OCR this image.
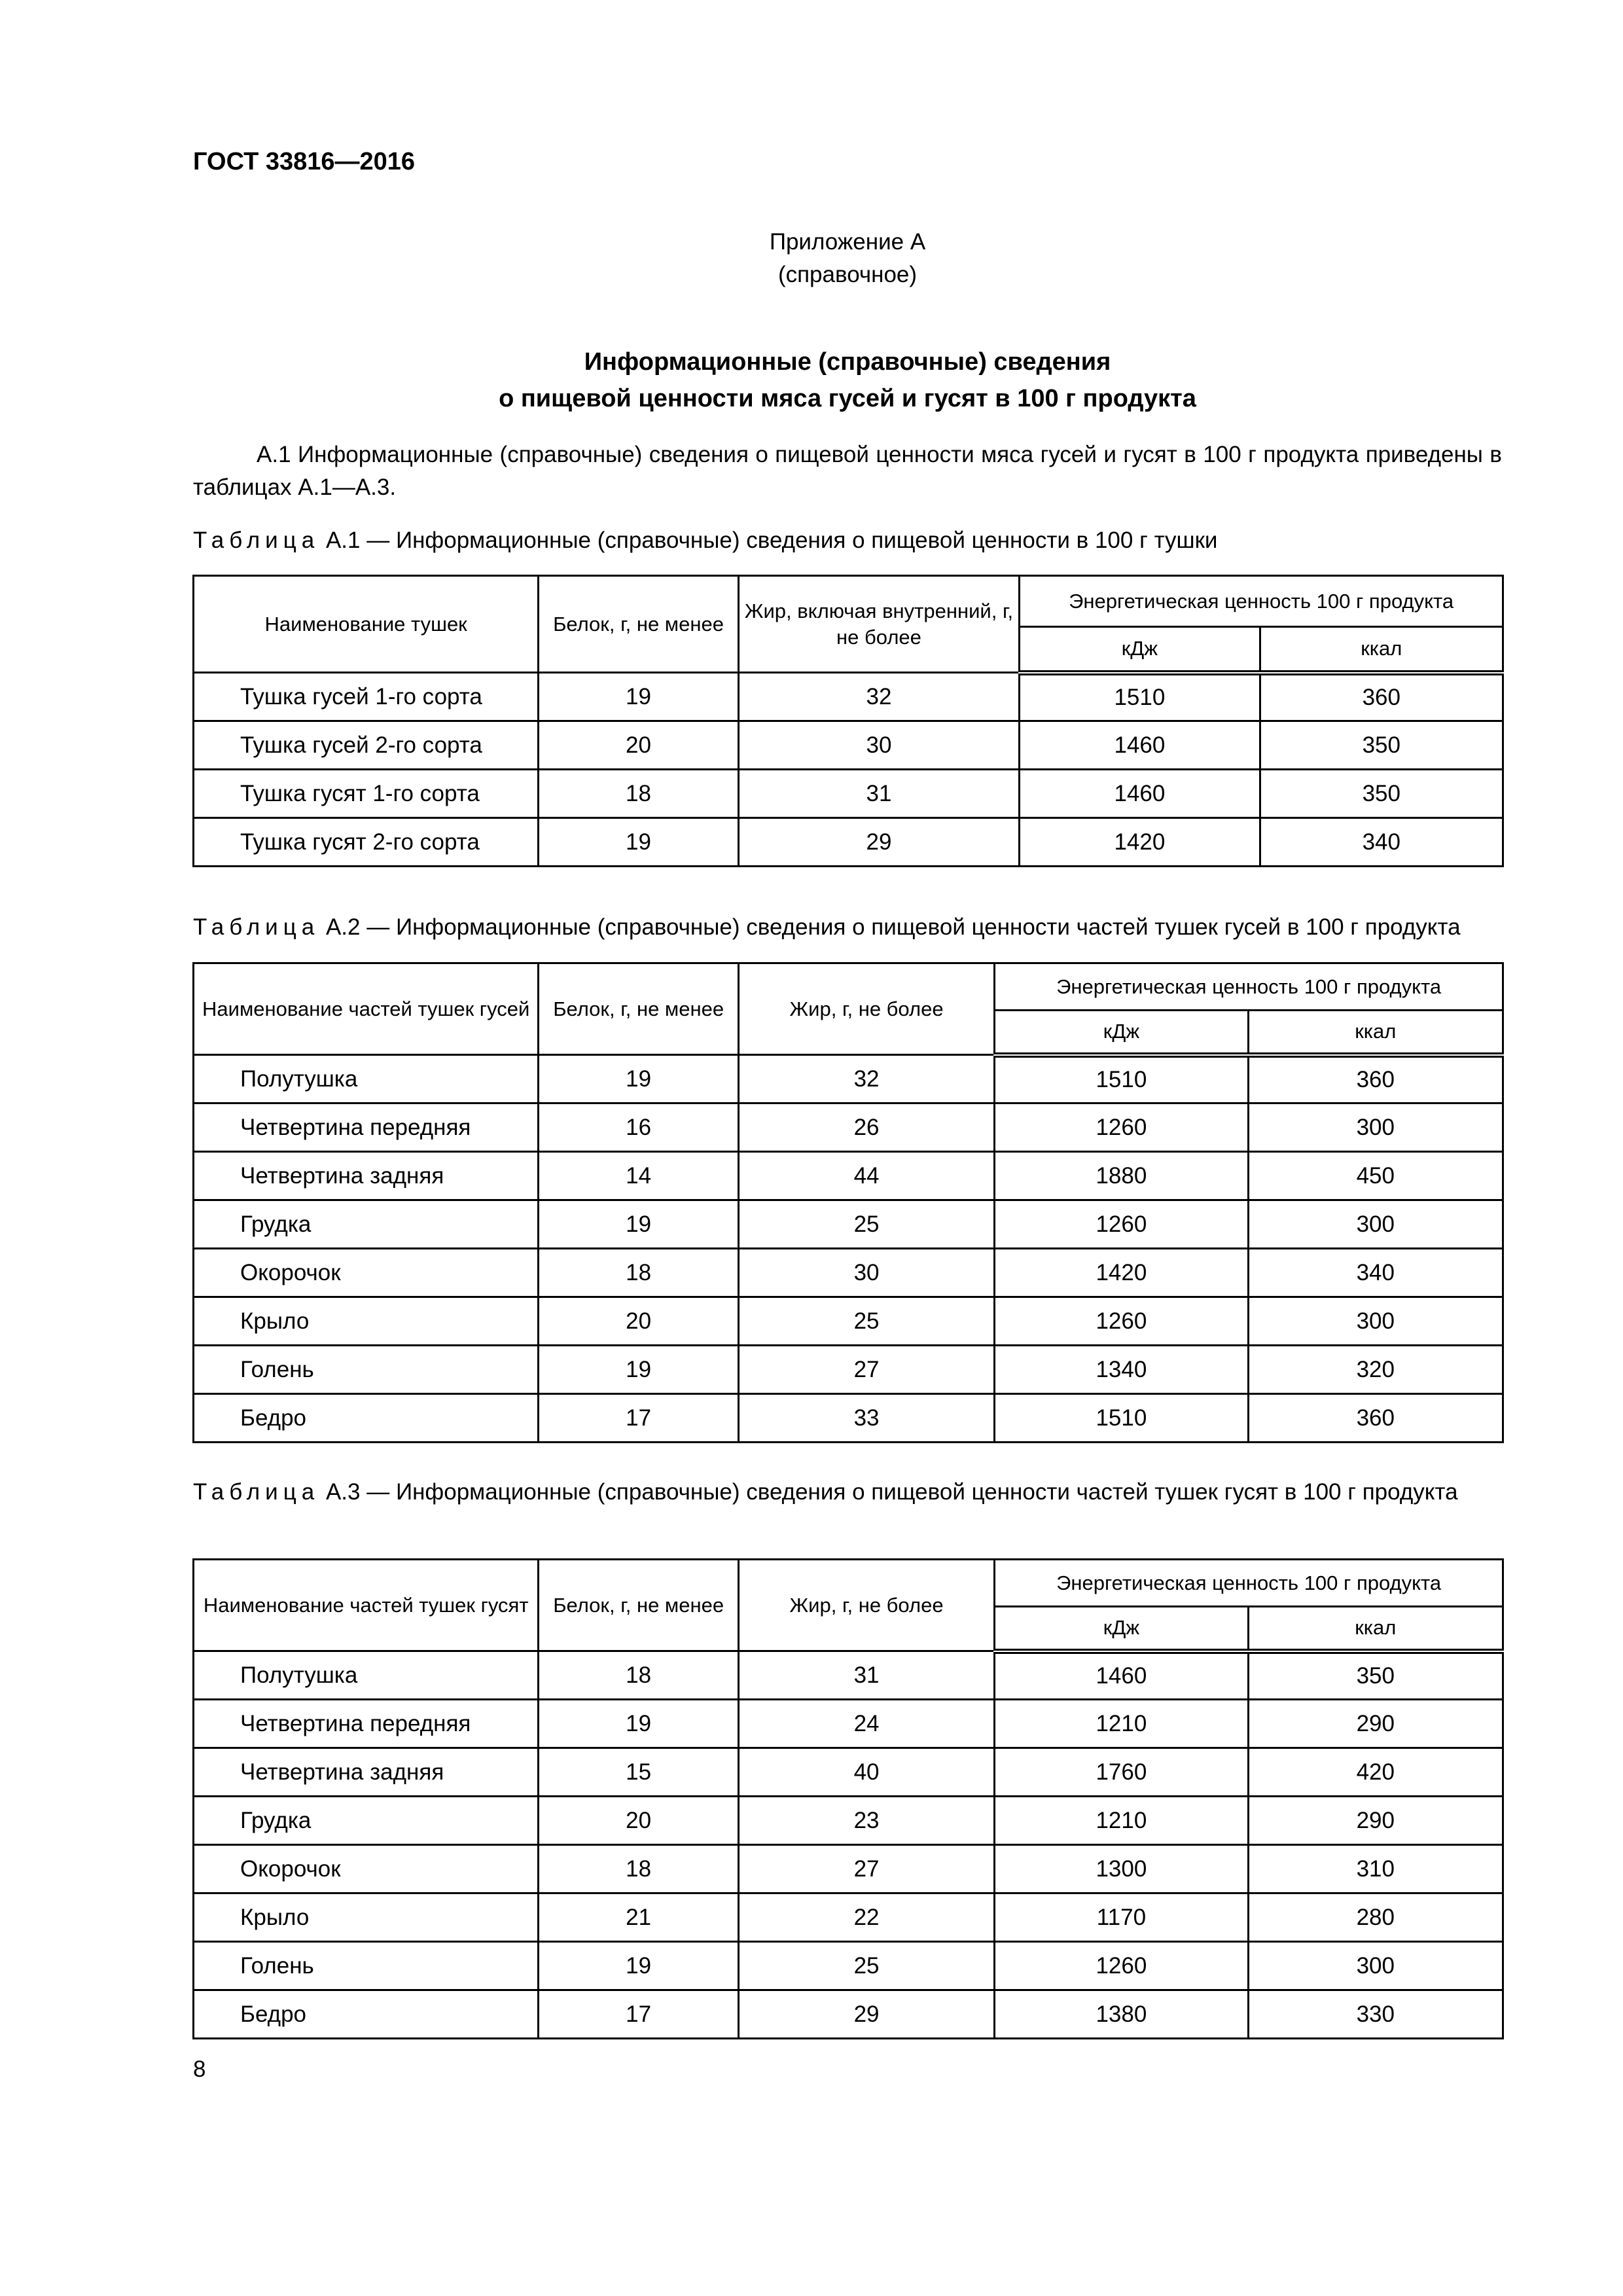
ГОСТ 33816—2016
Приложение А
(справочное)
Информационные (справочные) сведения
о пищевой ценности мяса гусей и гусят в 100 г продукта
А.1 Информационные (справочные) сведения о пищевой ценности мяса гусей и гусят в 100 г продукта приведены в таблицах А.1—А.3.
Таблица А.1 — Информационные (справочные) сведения о пищевой ценности в 100 г тушки
Наименование тушек	Белок, г, не менее	Жир, включая внутренний, г, не более	Энергетическая ценность 100 г продукта	
			кДж	ккал
Тушка гусей 1-го сорта	19	32	1510	360
Тушка гусей 2-го сорта	20	30	1460	350
Тушка гусят 1-го сорта	18	31	1460	350
Тушка гусят 2-го сорта	19	29	1420	340
Таблица А.2 — Информационные (справочные) сведения о пищевой ценности частей тушек гусей в 100 г продукта
Наименование частей тушек гусей	Белок, г, не менее	Жир, г, не более	Энергетическая ценность 100 г продукта	
			кДж	ккал
Полутушка	19	32	1510	360
Четвертина передняя	16	26	1260	300
Четвертина задняя	14	44	1880	450
Грудка	19	25	1260	300
Окорочок	18	30	1420	340
Крыло	20	25	1260	300
Голень	19	27	1340	320
Бедро	17	33	1510	360
Таблица А.3 — Информационные (справочные) сведения о пищевой ценности частей тушек гусят в 100 г продукта
Наименование частей тушек гусят	Белок, г, не менее	Жир, г, не более	Энергетическая ценность 100 г продукта	
			кДж	ккал
Полутушка	18	31	1460	350
Четвертина передняя	19	24	1210	290
Четвертина задняя	15	40	1760	420
Грудка	20	23	1210	290
Окорочок	18	27	1300	310
Крыло	21	22	1170	280
Голень	19	25	1260	300
Бедро	17	29	1380	330
8
